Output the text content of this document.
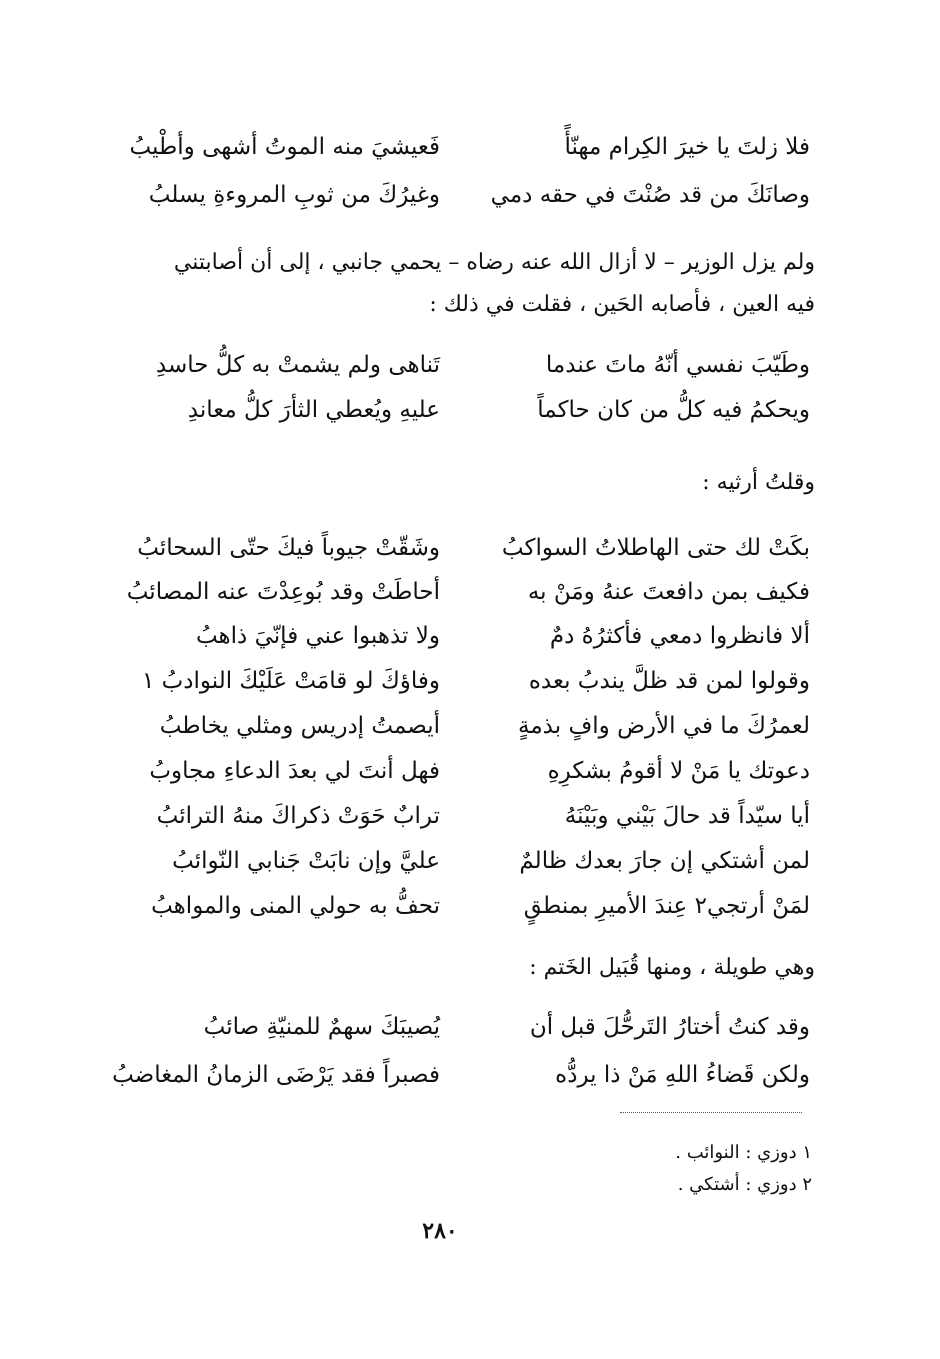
فلا زلتَ يا خيرَ الكِرام مهنّأً
فَعيشيَ منه الموتُ أشهى وأطْيبُ
وصانَكَ من قد صُنْتَ في حقه دمي
وغيرُكَ من ثوبِ المروءةِ يسلبُ
ولم يزل الوزير – لا أزال الله عنه رضاه – يحمي جانبي ، إلى أن أصابتني
فيه العين ، فأصابه الحَين ، فقلت في ذلك :
وطَيّبَ نفسي أنّهُ ماتَ عندما
تَناهى ولم يشمتْ به كلُّ حاسدِ
ويحكمُ فيه كلُّ من كان حاكماً
عليهِ ويُعطي الثأرَ كلُّ معاندِ
وقلتُ أرثيه :
بكَتْ لك حتى الهاطلاتُ السواكبُ
وشَقّتْ جيوباً فيكَ حتّى السحائبُ
فكيف بمن دافعتَ عنهُ ومَنْ به
أحاطَتْ وقد بُوعِدْتَ عنه المصائبُ
ألا فانظروا دمعي فأكثرُهُ دمٌ
ولا تذهبوا عني فإنّيَ ذاهبُ
وقولوا لمن قد ظلَّ يندبُ بعده
وفاؤكَ لو قامَتْ عَلَيْكَ النوادبُ ١
لعمرُكَ ما في الأرض وافٍ بذمةٍ
أيصمتُ إدريس ومثلي يخاطبُ
دعوتك يا مَنْ لا أقومُ بشكرِهِ
فهل أنتَ لي بعدَ الدعاءِ مجاوبُ
أيا سيّداً قد حالَ بَيْني وبَيْنَهُ
ترابٌ حَوَتْ ذكراكَ منهُ الترائبُ
لمن أشتكي إن جارَ بعدك ظالمٌ
عليَّ وإن نابَتْ جَنابي النّوائبُ
لمَنْ أرتجي٢ عِندَ الأميرِ بمنطقٍ
تحفُّ به حولي المنى والمواهبُ
وهي طويلة ، ومنها قُبَيل الخَتم :
وقد كنتُ أختارُ التَرحُّلَ قبل أن
يُصيبَكَ سهمٌ للمنيّةِ صائبُ
ولكن قَضاءُ اللهِ مَنْ ذا يردُّه
فصبراً فقد يَرْضَى الزمانُ المغاضبُ
١ دوزي : النوائب .
٢ دوزي : أشتكي .
٢٨٠
